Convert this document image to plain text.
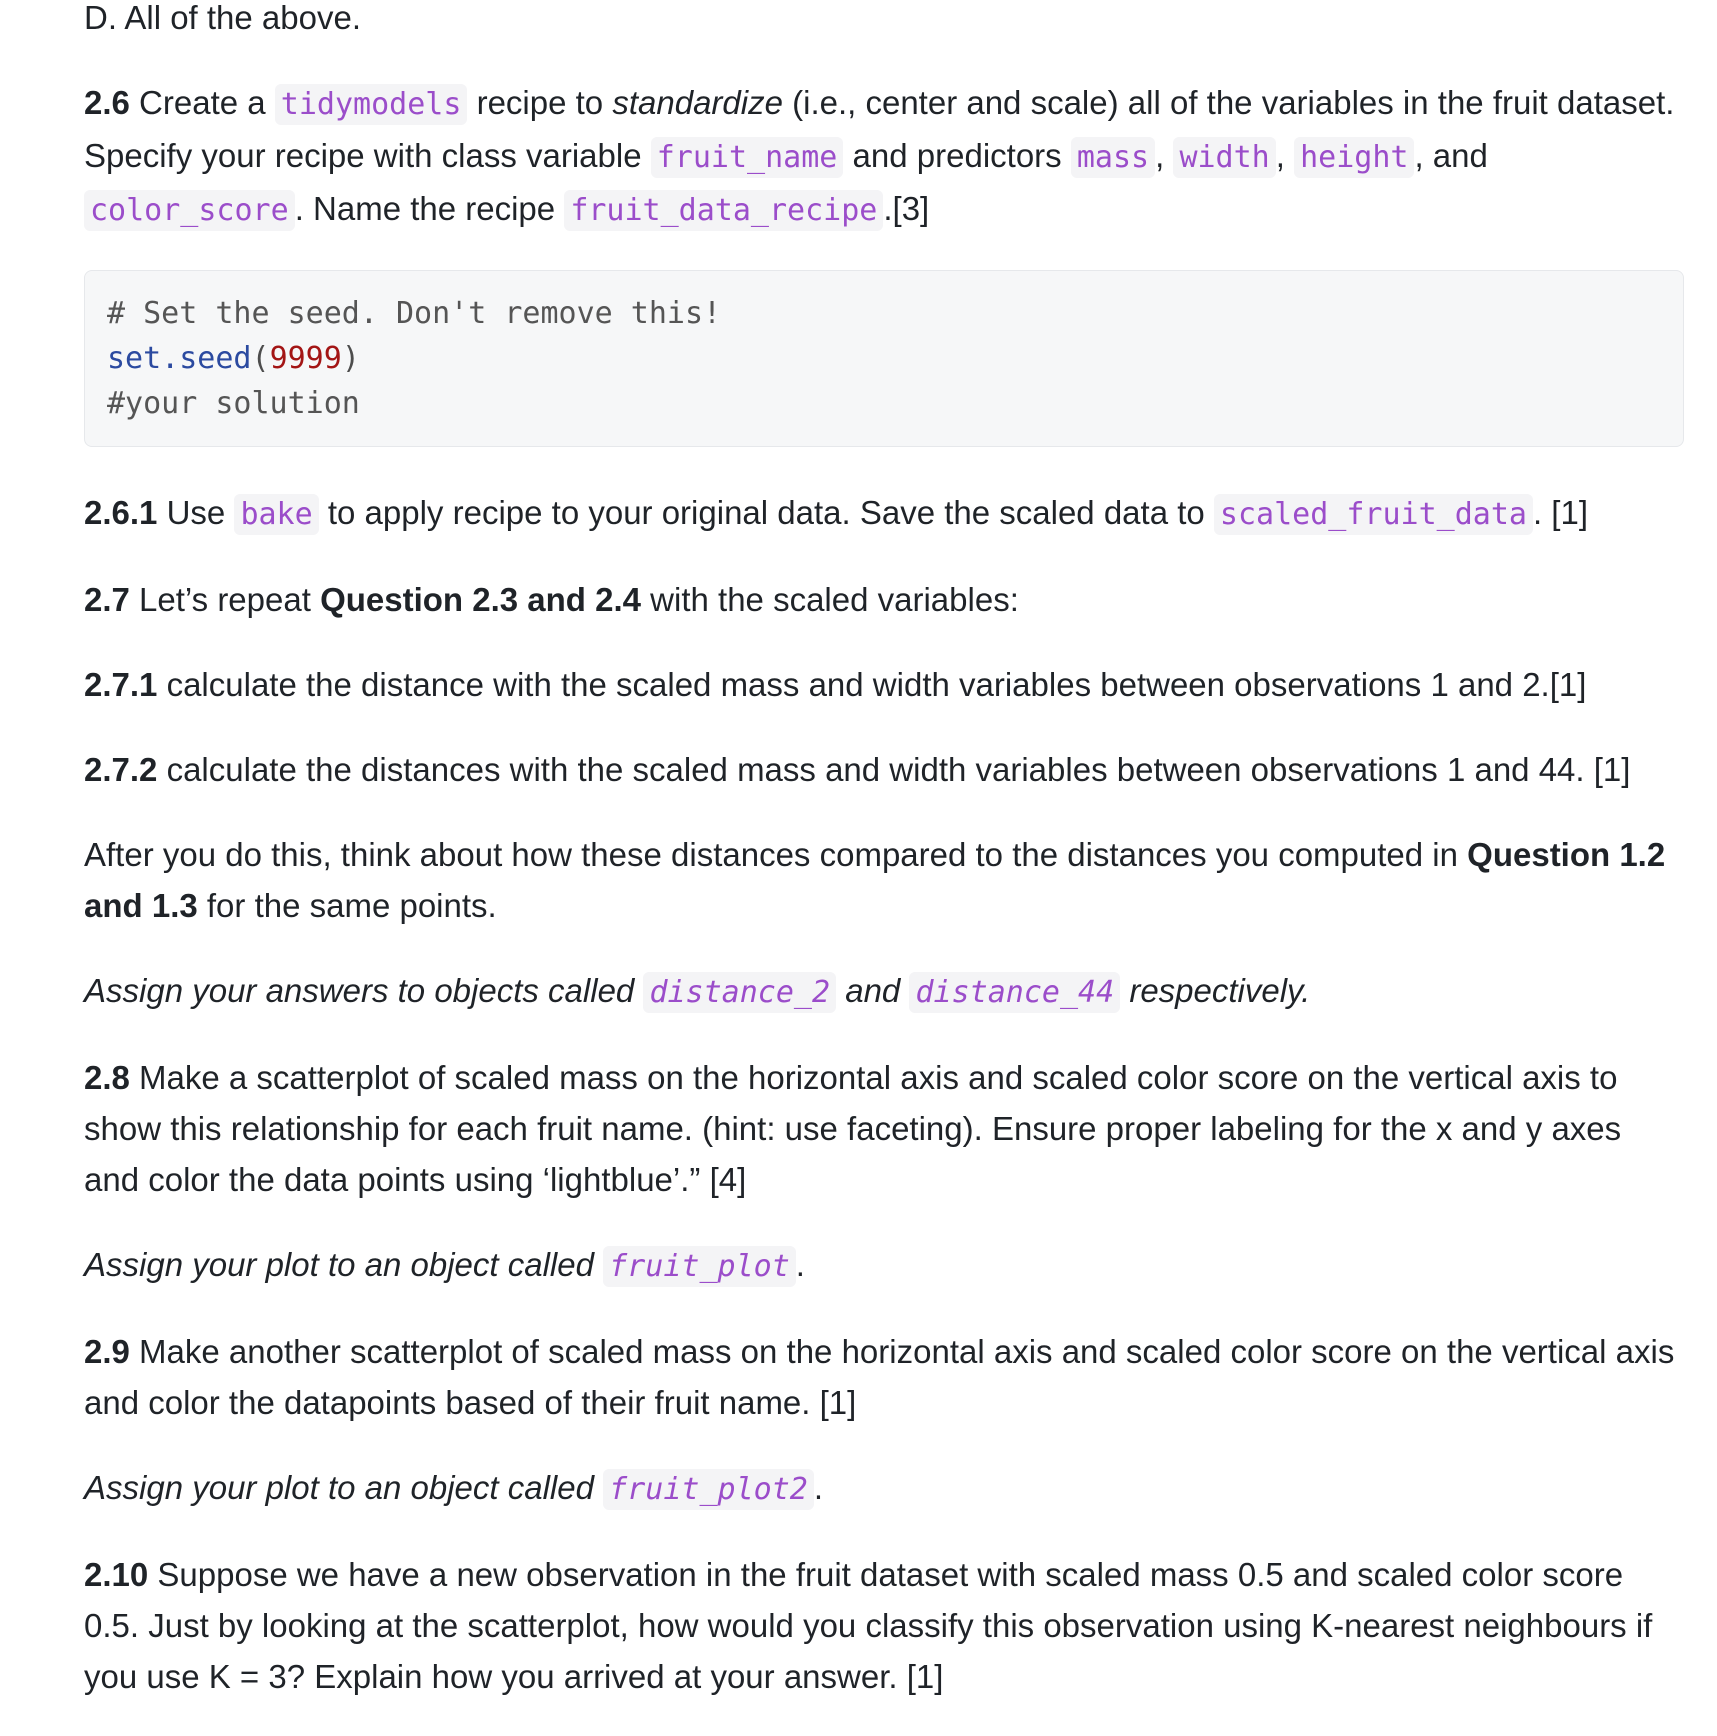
D. All of the above.

2.6 Create a tidymodels recipe to standardize (i.e., center and scale) all of the variables in the fruit dataset. Specify your recipe with class variable fruit_name and predictors mass , width , height , and color_score . Name the recipe fruit_data_recipe .[3]

# Set the seed. Don't remove this!
set.seed(9999)
#your solution

2.6.1 Use bake to apply recipe to your original data. Save the scaled data to scaled_fruit_data . [1]

2.7 Let’s repeat Question 2.3 and 2.4 with the scaled variables:

2.7.1 calculate the distance with the scaled mass and width variables between observations 1 and 2.[1]

2.7.2 calculate the distances with the scaled mass and width variables between observations 1 and 44. [1]

After you do this, think about how these distances compared to the distances you computed in Question 1.2 and 1.3 for the same points.

Assign your answers to objects called distance_2 and distance_44 respectively.

2.8 Make a scatterplot of scaled mass on the horizontal axis and scaled color score on the vertical axis to show this relationship for each fruit name. (hint: use faceting). Ensure proper labeling for the x and y axes and color the data points using ‘lightblue’.” [4]

Assign your plot to an object called fruit_plot .

2.9 Make another scatterplot of scaled mass on the horizontal axis and scaled color score on the vertical axis and color the datapoints based of their fruit name. [1]

Assign your plot to an object called fruit_plot2 .

2.10 Suppose we have a new observation in the fruit dataset with scaled mass 0.5 and scaled color score 0.5. Just by looking at the scatterplot, how would you classify this observation using K-nearest neighbours if you use K = 3? Explain how you arrived at your answer. [1]
